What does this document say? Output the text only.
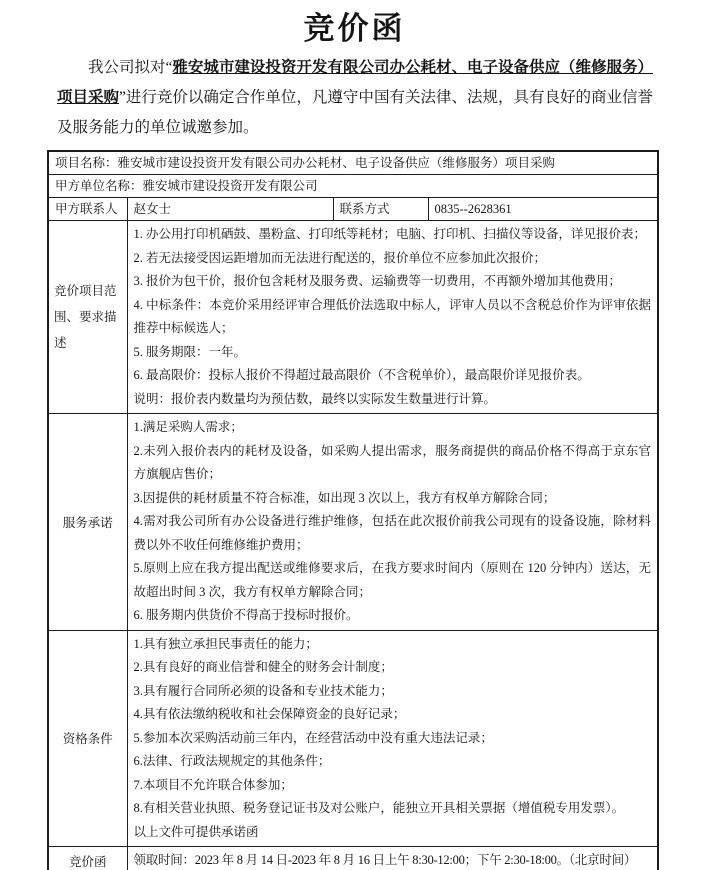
竞价函

我公司拟对“雅安城市建设投资开发有限公司办公耗材、电子设备供应（维修服务）项目采购”进行竞价以确定合作单位，凡遵守中国有关法律、法规，具有良好的商业信誉及服务能力的单位诚邀参加。

项目名称：雅安城市建设投资开发有限公司办公耗材、电子设备供应（维修服务）项目采购			
甲方单位名称：雅安城市建设投资开发有限公司			
甲方联系人	赵女士	联系方式	0835--2628361
竞价项目范围、要求描述	
1. 办公用打印机硒鼓、墨粉盒、打印纸等耗材；电脑、打印机、扫描仪等设备，详见报价表；
2. 若无法接受因运距增加而无法进行配送的，报价单位不应参加此次报价；
3. 报价为包干价，报价包含耗材及服务费、运输费等一切费用，不再额外增加其他费用；
4. 中标条件：本竞价采用经评审合理低价法选取中标人，评审人员以不含税总价作为评审依据推荐中标候选人；
5. 服务期限：一年。
6. 最高限价：投标人报价不得超过最高限价（不含税单价），最高限价详见报价表。
说明：报价表内数量均为预估数，最终以实际发生数量进行计算。

服务承诺	
1.满足采购人需求；
2.未列入报价表内的耗材及设备，如采购人提出需求，服务商提供的商品价格不得高于京东官方旗舰店售价；
3.因提供的耗材质量不符合标准，如出现 3 次以上，我方有权单方解除合同；
4.需对我公司所有办公设备进行维护维修，包括在此次报价前我公司现有的设备设施，除材料费以外不收任何维修维护费用；
5.原则上应在我方提出配送或维修要求后，在我方要求时间内（原则在 120 分钟内）送达，无故超出时间 3 次，我方有权单方解除合同；
6. 服务期内供货价不得高于投标时报价。

资格条件	
1.具有独立承担民事责任的能力；
2.具有良好的商业信誉和健全的财务会计制度；
3.具有履行合同所必须的设备和专业技术能力；
4.具有依法缴纳税收和社会保障资金的良好记录；
5.参加本次采购活动前三年内，在经营活动中没有重大违法记录；
6.法律、行政法规规定的其他条件；
7.本项目不允许联合体参加；
8.有相关营业执照、税务登记证书及对公账户，能独立开具相关票据（增值税专用发票）。
以上文件可提供承诺函

竞价函	领取时间：2023 年 8 月 14 日-2023 年 8 月 16 日上午 8:30-12:00；下午 2:30-18:00。（北京时间）		
